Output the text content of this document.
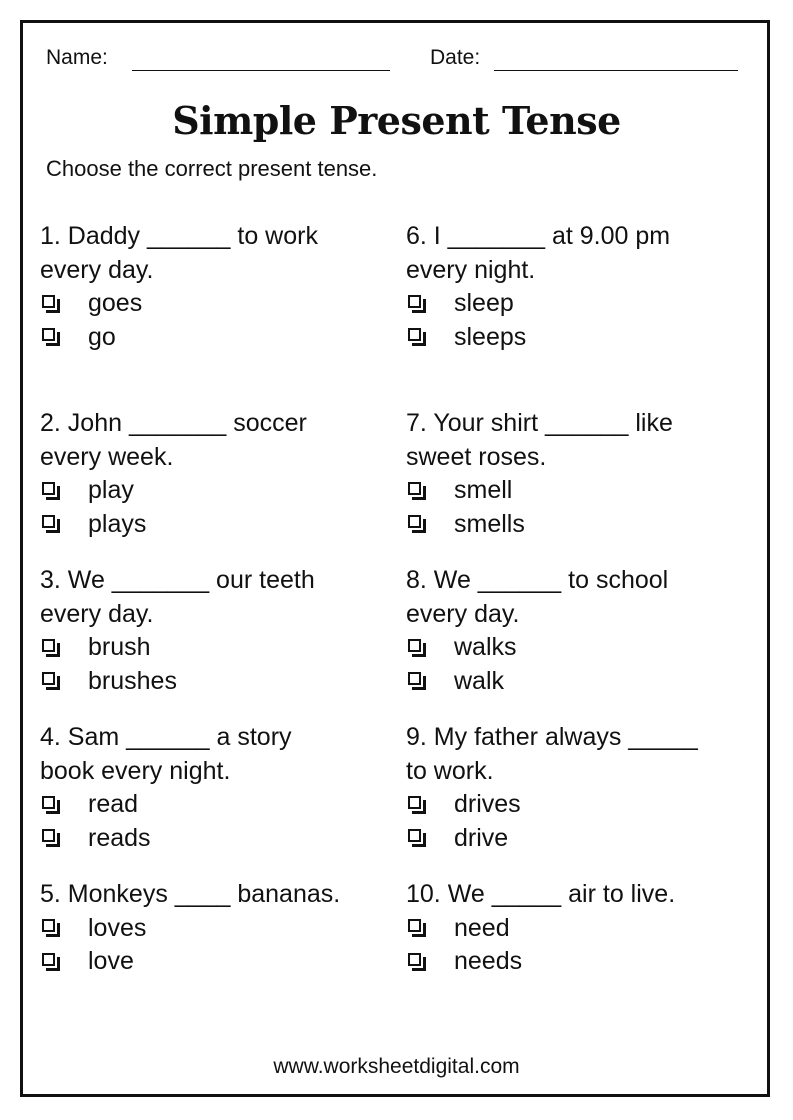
Name:	Date:
Simple Present Tense
Choose the correct present tense.
1. Daddy ______ to work
every day.
goes
go
2. John _______ soccer
every week.
play
plays
3. We _______ our teeth
every day.
brush
brushes
4. Sam ______ a story
book every night.
read
reads
5. Monkeys ____ bananas.
loves
love
6. I _______ at 9.00 pm
every night.
sleep
sleeps
7. Your shirt ______ like
sweet roses.
smell
smells
8. We ______ to school
every day.
walks
walk
9. My father always _____
to work.
drives
drive
10. We _____ air to live.
need
needs
www.worksheetdigital.com
